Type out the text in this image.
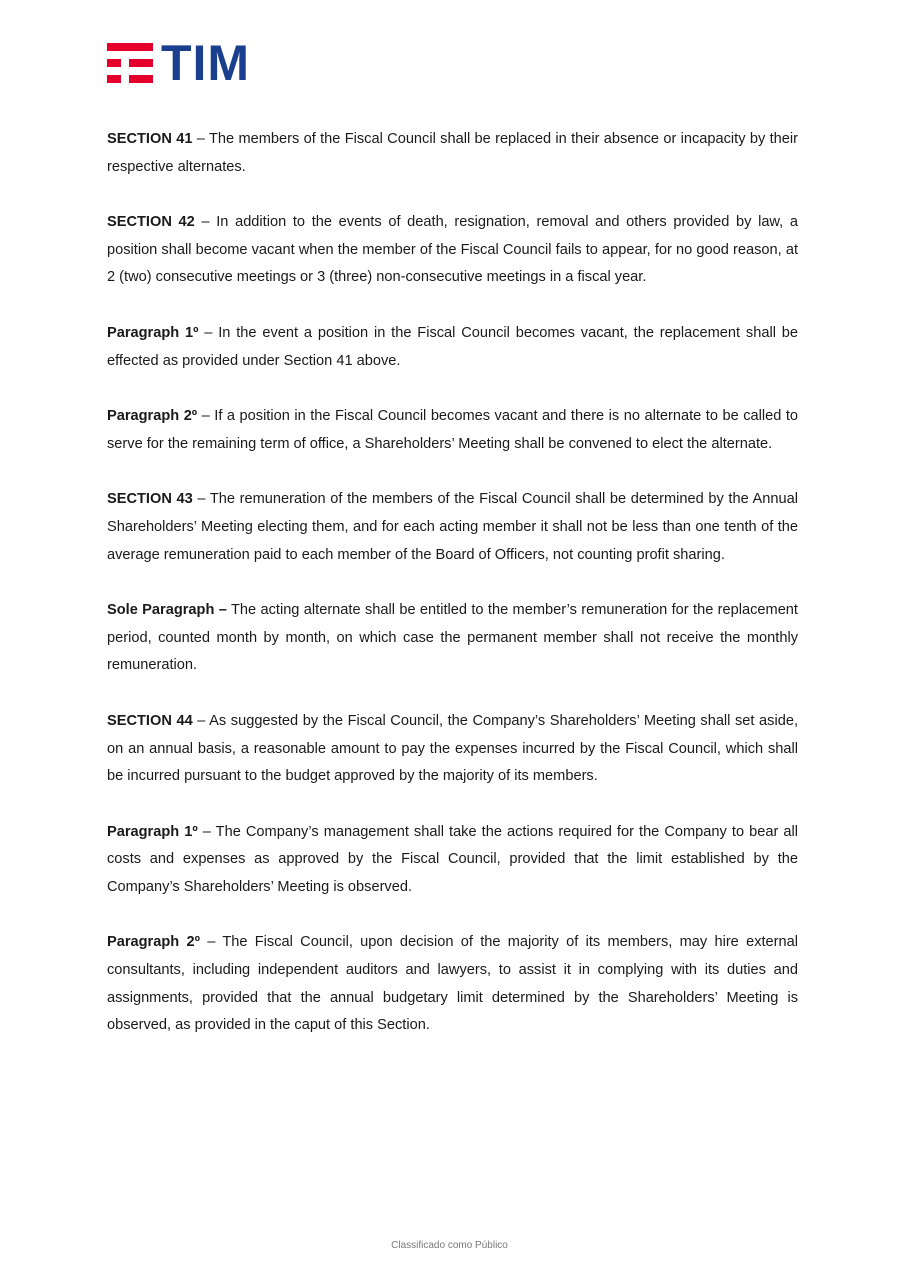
TIM

SECTION 41 – The members of the Fiscal Council shall be replaced in their absence or incapacity by their respective alternates.

SECTION 42 – In addition to the events of death, resignation, removal and others provided by law, a position shall become vacant when the member of the Fiscal Council fails to appear, for no good reason, at 2 (two) consecutive meetings or 3 (three) non-consecutive meetings in a fiscal year.

Paragraph 1º – In the event a position in the Fiscal Council becomes vacant, the replacement shall be effected as provided under Section 41 above.

Paragraph 2º – If a position in the Fiscal Council becomes vacant and there is no alternate to be called to serve for the remaining term of office, a Shareholders’ Meeting shall be convened to elect the alternate.

SECTION 43 – The remuneration of the members of the Fiscal Council shall be determined by the Annual Shareholders’ Meeting electing them, and for each acting member it shall not be less than one tenth of the average remuneration paid to each member of the Board of Officers, not counting profit sharing.

Sole Paragraph – The acting alternate shall be entitled to the member’s remuneration for the replacement period, counted month by month, on which case the permanent member shall not receive the monthly remuneration.

SECTION 44 – As suggested by the Fiscal Council, the Company’s Shareholders’ Meeting shall set aside, on an annual basis, a reasonable amount to pay the expenses incurred by the Fiscal Council, which shall be incurred pursuant to the budget approved by the majority of its members.

Paragraph 1º – The Company’s management shall take the actions required for the Company to bear all costs and expenses as approved by the Fiscal Council, provided that the limit established by the Company’s Shareholders’ Meeting is observed.

Paragraph 2º – The Fiscal Council, upon decision of the majority of its members, may hire external consultants, including independent auditors and lawyers, to assist it in complying with its duties and assignments, provided that the annual budgetary limit determined by the Shareholders’ Meeting is observed, as provided in the caput of this Section.

Classificado como Público
